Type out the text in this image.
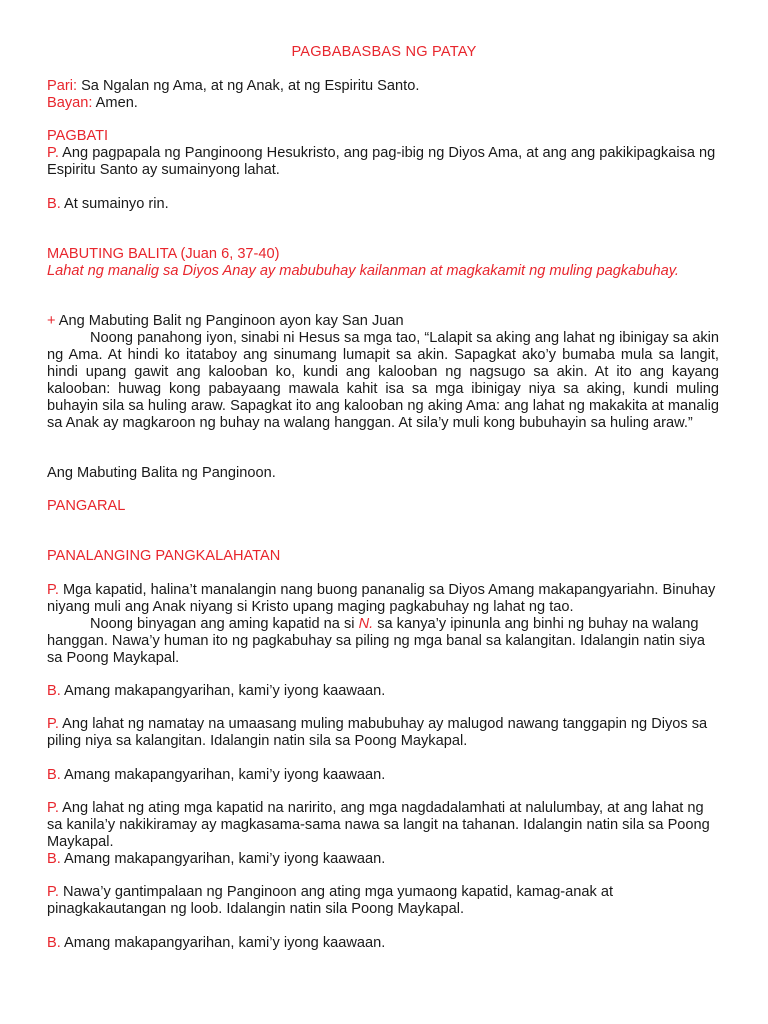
PAGBABASBAS NG PATAY

Pari: Sa Ngalan ng Ama, at ng Anak, at ng Espiritu Santo.

Bayan: Amen.

PAGBATI

P. Ang pagpapala ng Panginoong Hesukristo, ang pag-ibig ng Diyos Ama, at ang ang pakikipagkaisa ng Espiritu Santo ay sumainyong lahat.

B. At sumainyo rin.

MABUTING BALITA (Juan 6, 37-40)
Lahat ng manalig sa Diyos Anay ay mabubuhay kailanman at magkakamit ng muling pagkabuhay.

+ Ang Mabuting Balit ng Panginoon ayon kay San Juan

Noong panahong iyon, sinabi ni Hesus sa mga tao, “Lalapit sa aking ang lahat ng ibinigay sa akin ng Ama. At hindi ko itataboy ang sinumang lumapit sa akin. Sapagkat ako’y bumaba mula sa langit, hindi upang gawit ang kalooban ko, kundi ang kalooban ng nagsugo sa akin. At ito ang kayang kalooban: huwag kong pabayaang mawala kahit isa sa mga ibinigay niya sa aking, kundi muling buhayin sila sa huling araw. Sapagkat ito ang kalooban ng aking Ama: ang lahat ng makakita at manalig sa Anak ay magkaroon ng buhay na walang hanggan. At sila’y muli kong bubuhayin sa huling araw.”

Ang Mabuting Balita ng Panginoon.
PANGARAL
PANALANGING PANGKALAHATAN

P. Mga kapatid, halina’t manalangin nang buong pananalig sa Diyos Amang makapangyariahn. Binuhay niyang muli ang Anak niyang si Kristo upang maging pagkabuhay ng lahat ng tao.

Noong binyagan ang aming kapatid na si N. sa kanya’y ipinunla ang binhi ng buhay na walang hanggan. Nawa’y human ito ng pagkabuhay sa piling ng mga banal sa kalangitan. Idalangin natin siya sa Poong Maykapal.

B. Amang makapangyarihan, kami’y iyong kaawaan.

P. Ang lahat ng namatay na umaasang muling mabubuhay ay malugod nawang tanggapin ng Diyos sa piling niya sa kalangitan. Idalangin natin sila sa Poong Maykapal.

B. Amang makapangyarihan, kami’y iyong kaawaan.

P. Ang lahat ng ating mga kapatid na naririto, ang mga nagdadalamhati at nalulumbay, at ang lahat ng sa kanila’y nakikiramay ay magkasama-sama nawa sa langit na tahanan. Idalangin natin sila sa Poong Maykapal.

B. Amang makapangyarihan, kami’y iyong kaawaan.

P. Nawa’y gantimpalaan ng Panginoon ang ating mga yumaong kapatid, kamag-anak at pinagkakautangan ng loob. Idalangin natin sila Poong Maykapal.

B. Amang makapangyarihan, kami’y iyong kaawaan.
